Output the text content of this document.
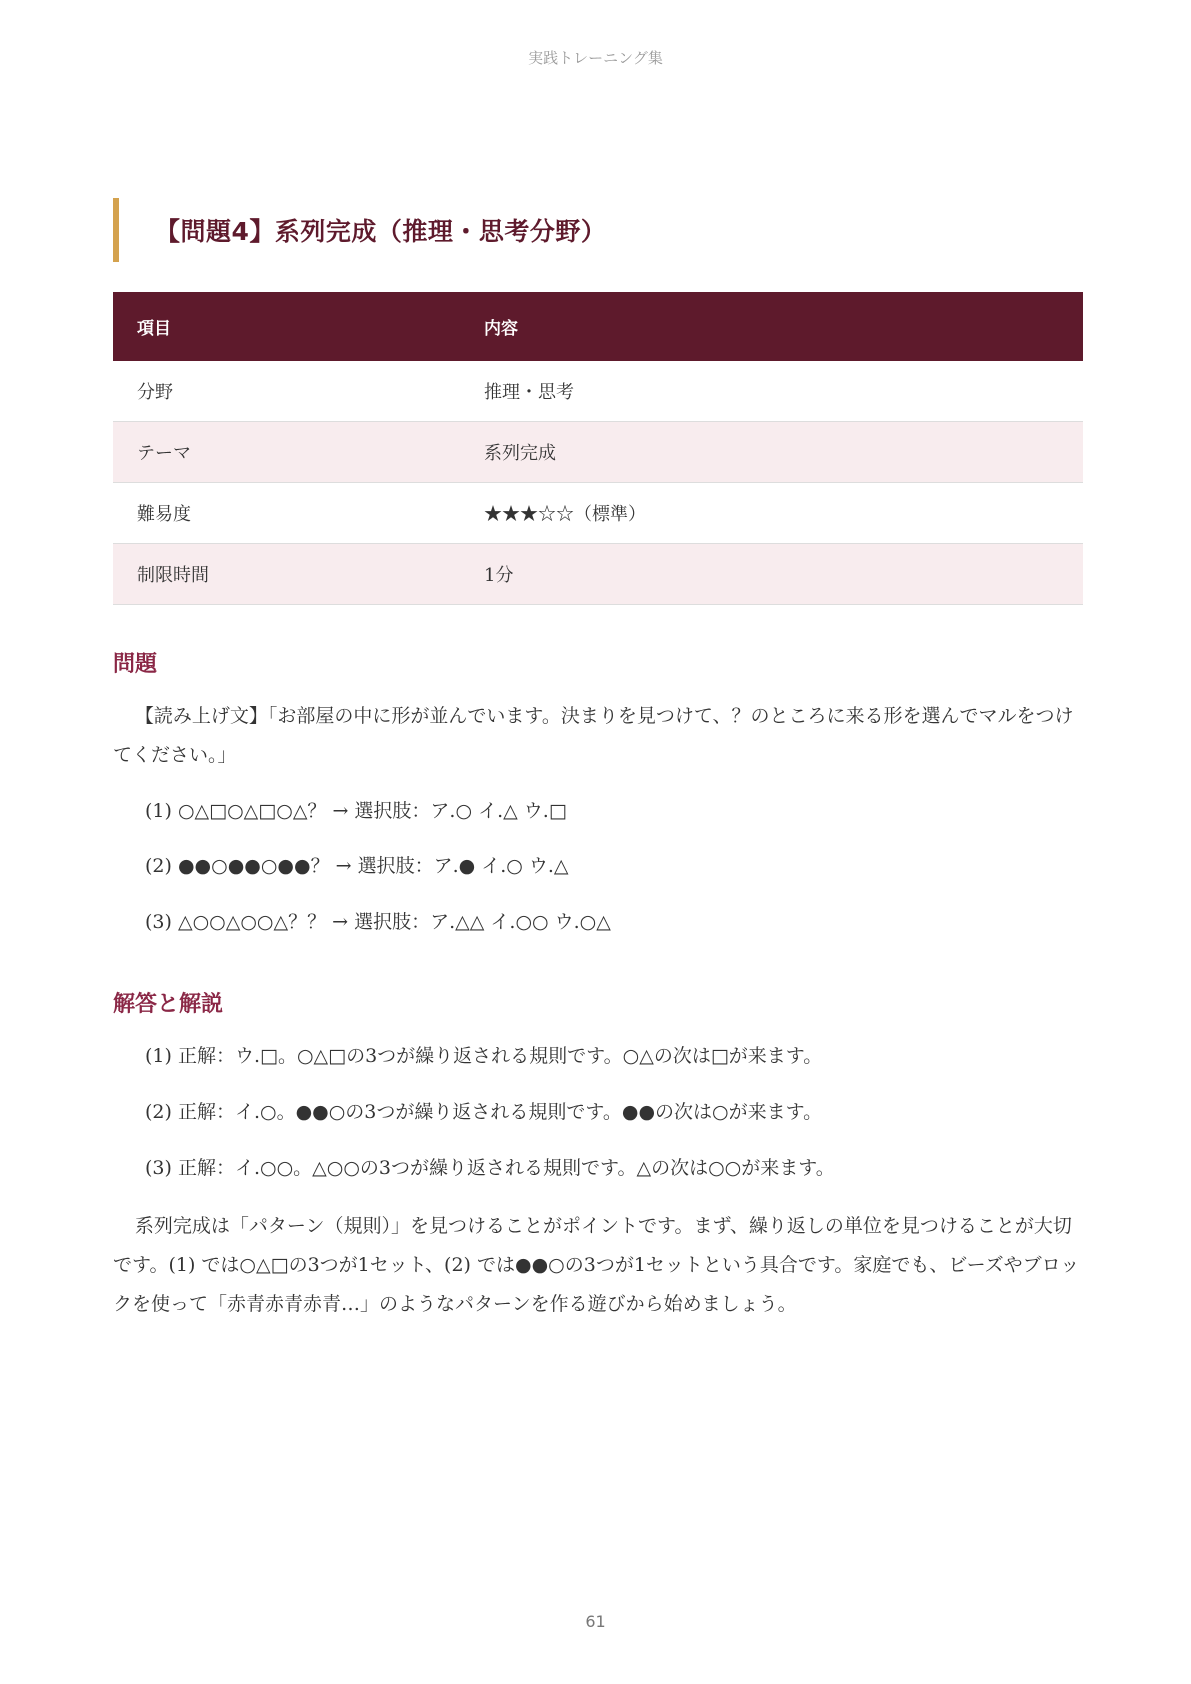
実践トレーニング集
【問題4】系列完成（推理・思考分野）
項目	内容
分野	推理・思考
テーマ	系列完成
難易度	★★★☆☆（標準）
制限時間	1分
問題

【読み上げ文】「お部屋の中に形が並んでいます。決まりを見つけて、？のところに来る形を選んでマルをつけてください。」

(1) ○△□○△□○△？ → 選択肢：ア.○ イ.△ ウ.□

(2) ●●○●●○●●？ → 選択肢：ア.● イ.○ ウ.△

(3) △○○△○○△？？ → 選択肢：ア.△△ イ.○○ ウ.○△

解答と解説

(1) 正解：ウ.□。○△□の3つが繰り返される規則です。○△の次は□が来ます。

(2) 正解：イ.○。●●○の3つが繰り返される規則です。●●の次は○が来ます。

(3) 正解：イ.○○。△○○の3つが繰り返される規則です。△の次は○○が来ます。

系列完成は「パターン（規則）」を見つけることがポイントです。まず、繰り返しの単位を見つけることが大切です。(1) では○△□の3つが1セット、(2) では●●○の3つが1セットという具合です。家庭でも、ビーズやブロックを使って「赤青赤青赤青…」のようなパターンを作る遊びから始めましょう。

61
